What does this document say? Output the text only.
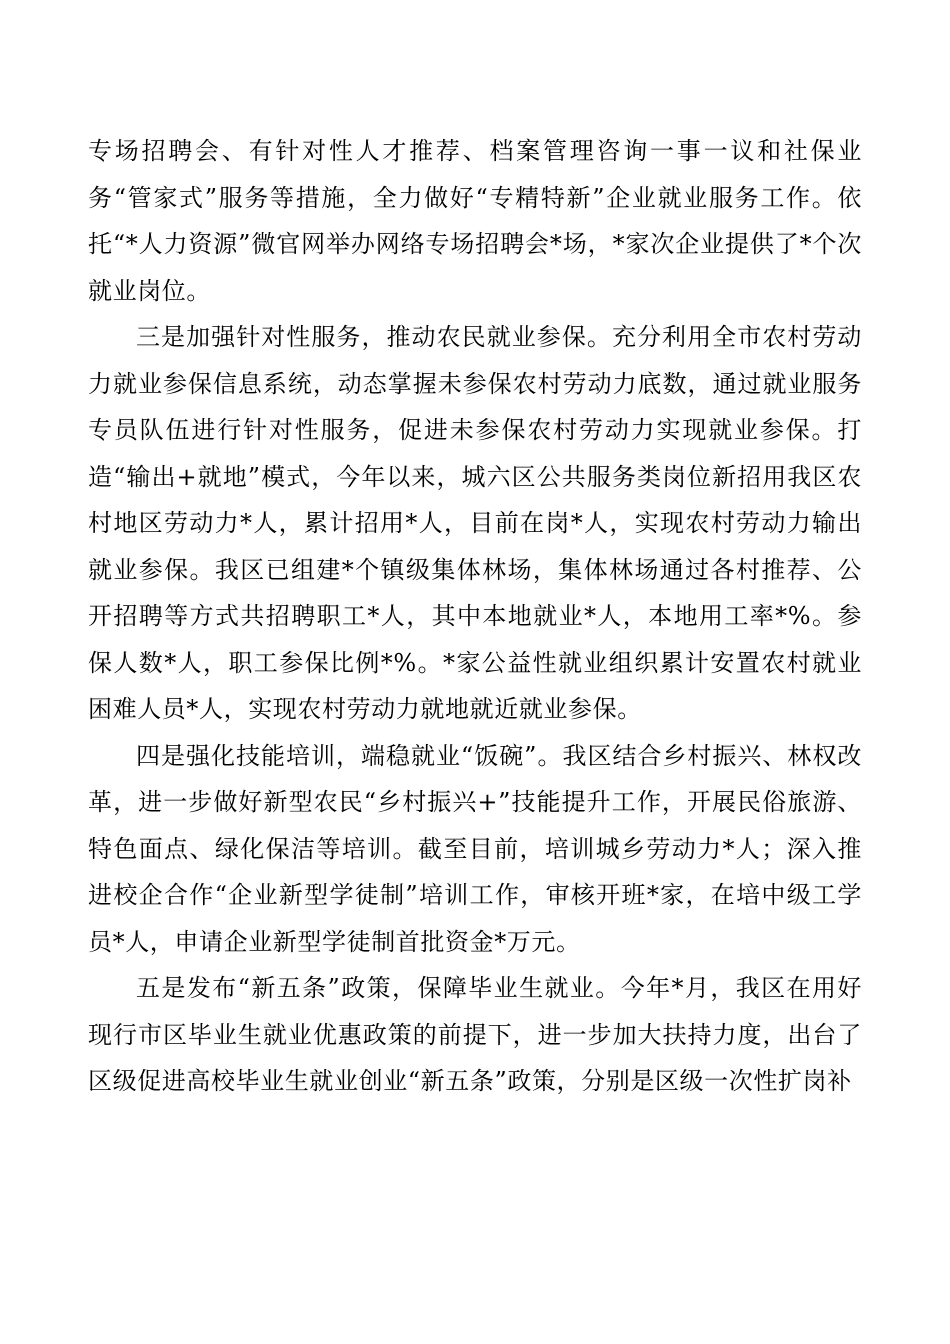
专场招聘会、有针对性人才推荐、档案管理咨询一事一议和社保业务“管家式”服务等措施，全力做好“专精特新”企业就业服务工作。依托“*人力资源”微官网举办网络专场招聘会*场，*家次企业提供了*个次就业岗位。

三是加强针对性服务，推动农民就业参保。充分利用全市农村劳动力就业参保信息系统，动态掌握未参保农村劳动力底数，通过就业服务专员队伍进行针对性服务，促进未参保农村劳动力实现就业参保。打造“输出+就地”模式，今年以来，城六区公共服务类岗位新招用我区农村地区劳动力*人，累计招用*人，目前在岗*人，实现农村劳动力输出就业参保。我区已组建*个镇级集体林场，集体林场通过各村推荐、公开招聘等方式共招聘职工*人，其中本地就业*人，本地用工率*%。参保人数*人，职工参保比例*%。*家公益性就业组织累计安置农村就业困难人员*人，实现农村劳动力就地就近就业参保。

四是强化技能培训，端稳就业“饭碗”。我区结合乡村振兴、林权改革，进一步做好新型农民“乡村振兴+”技能提升工作，开展民俗旅游、特色面点、绿化保洁等培训。截至目前，培训城乡劳动力*人；深入推进校企合作“企业新型学徒制”培训工作，审核开班*家，在培中级工学员*人，申请企业新型学徒制首批资金*万元。

五是发布“新五条”政策，保障毕业生就业。今年*月，我区在用好现行市区毕业生就业优惠政策的前提下，进一步加大扶持力度，出台了区级促进高校毕业生就业创业“新五条”政策，分别是区级一次性扩岗补
